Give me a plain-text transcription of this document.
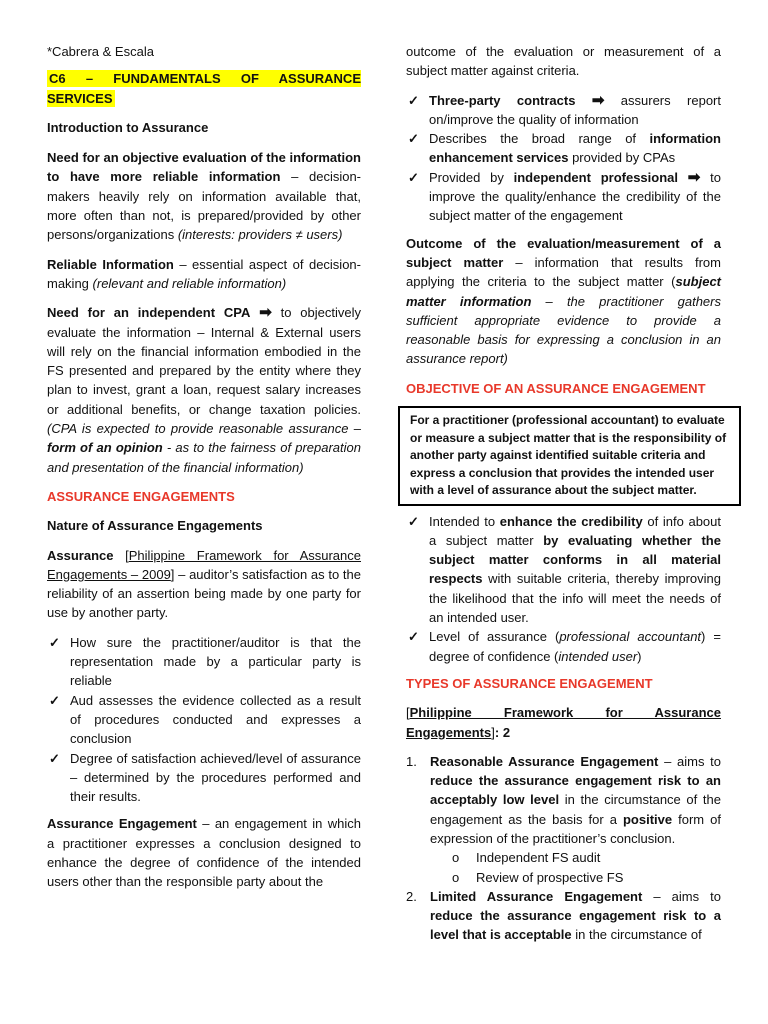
*Cabrera & Escala

C6 – FUNDAMENTALS OF ASSURANCE SERVICES

Introduction to Assurance

Need for an objective evaluation of the information to have more reliable information – decision-makers heavily rely on information available that, more often than not, is prepared/provided by other persons/organizations (interests: providers ≠ users)

Reliable Information – essential aspect of decision-making (relevant and reliable information)

Need for an independent CPA ➡ to objectively evaluate the information – Internal & External users will rely on the financial information embodied in the FS presented and prepared by the entity where they plan to invest, grant a loan, request salary increases or additional benefits, or change taxation policies. (CPA is expected to provide reasonable assurance – form of an opinion - as to the fairness of preparation and presentation of the financial information)

ASSURANCE ENGAGEMENTS

Nature of Assurance Engagements

Assurance [Philippine Framework for Assurance Engagements – 2009] – auditor’s satisfaction as to the reliability of an assertion being made by one party for use by another party.

✓ How sure the practitioner/auditor is that the representation made by a particular party is reliable
✓ Aud assesses the evidence collected as a result of procedures conducted and expresses a conclusion
✓ Degree of satisfaction achieved/level of assurance – determined by the procedures performed and their results.

Assurance Engagement – an engagement in which a practitioner expresses a conclusion designed to enhance the degree of confidence of the intended users other than the responsible party about the

outcome of the evaluation or measurement of a subject matter against criteria.

✓ Three-party contracts ➡ assurers report on/improve the quality of information
✓ Describes the broad range of information enhancement services provided by CPAs
✓ Provided by independent professional ➡ to improve the quality/enhance the credibility of the subject matter of the engagement

Outcome of the evaluation/measurement of a subject matter – information that results from applying the criteria to the subject matter (subject matter information – the practitioner gathers sufficient appropriate evidence to provide a reasonable basis for expressing a conclusion in an assurance report)

OBJECTIVE OF AN ASSURANCE ENGAGEMENT

For a practitioner (professional accountant) to evaluate or measure a subject matter that is the responsibility of another party against identified suitable criteria and express a conclusion that provides the intended user with a level of assurance about the subject matter.
✓ Intended to enhance the credibility of info about a subject matter by evaluating whether the subject matter conforms in all material respects with suitable criteria, thereby improving the likelihood that the info will meet the needs of an intended user.
✓ Level of assurance (professional accountant) = degree of confidence (intended user)

TYPES OF ASSURANCE ENGAGEMENT

[Philippine Framework for Assurance Engagements]: 2

1. Reasonable Assurance Engagement – aims to reduce the assurance engagement risk to an acceptably low level in the circumstance of the engagement as the basis for a positive form of expression of the practitioner’s conclusion.
o Independent FS audit
o Review of prospective FS
2. Limited Assurance Engagement – aims to reduce the assurance engagement risk to a level that is acceptable in the circumstance of
